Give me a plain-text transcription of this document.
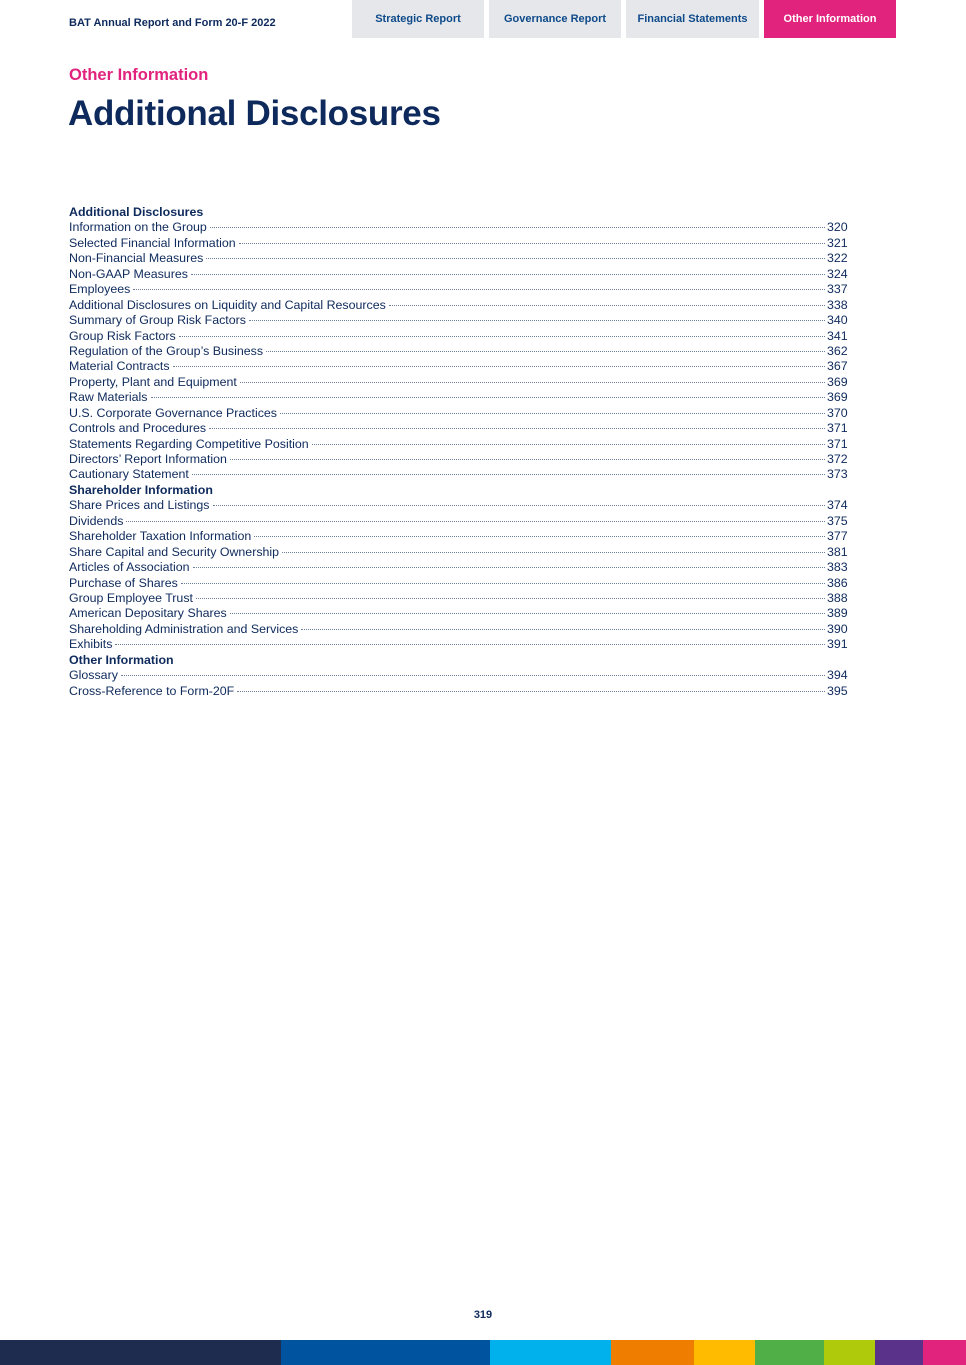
BAT Annual Report and Form 20-F 2022	Strategic Report	Governance Report	Financial Statements	Other Information
Other Information
Additional Disclosures
Additional Disclosures
Information on the Group	320
Selected Financial Information	321
Non-Financial Measures	322
Non-GAAP Measures	324
Employees	337
Additional Disclosures on Liquidity and Capital Resources	338
Summary of Group Risk Factors	340
Group Risk Factors	341
Regulation of the Group’s Business	362
Material Contracts	367
Property, Plant and Equipment	369
Raw Materials	369
U.S. Corporate Governance Practices	370
Controls and Procedures	371
Statements Regarding Competitive Position	371
Directors’ Report Information	372
Cautionary Statement	373
Shareholder Information
Share Prices and Listings	374
Dividends	375
Shareholder Taxation Information	377
Share Capital and Security Ownership	381
Articles of Association	383
Purchase of Shares	386
Group Employee Trust	388
American Depositary Shares	389
Shareholding Administration and Services	390
Exhibits	391
Other Information
Glossary	394
Cross-Reference to Form-20F	395
319
